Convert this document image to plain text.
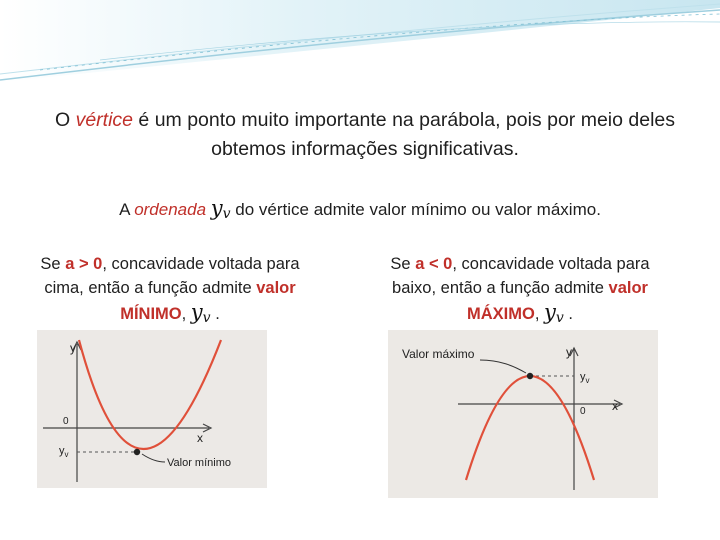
O vértice é um ponto muito importante na parábola, pois por meio deles obtemos informações significativas.
A ordenada $y_v$ do vértice admite valor mínimo ou valor máximo.
Se a > 0, concavidade voltada para cima, então a função admite valor MÍNIMO, $y_v$ .
Se a < 0, concavidade voltada para baixo, então a função admite valor MÁXIMO, $y_v$ .
y
x
0
$y_v$
Valor mínimo
Valor máximo	y
x
0
$y_v$
